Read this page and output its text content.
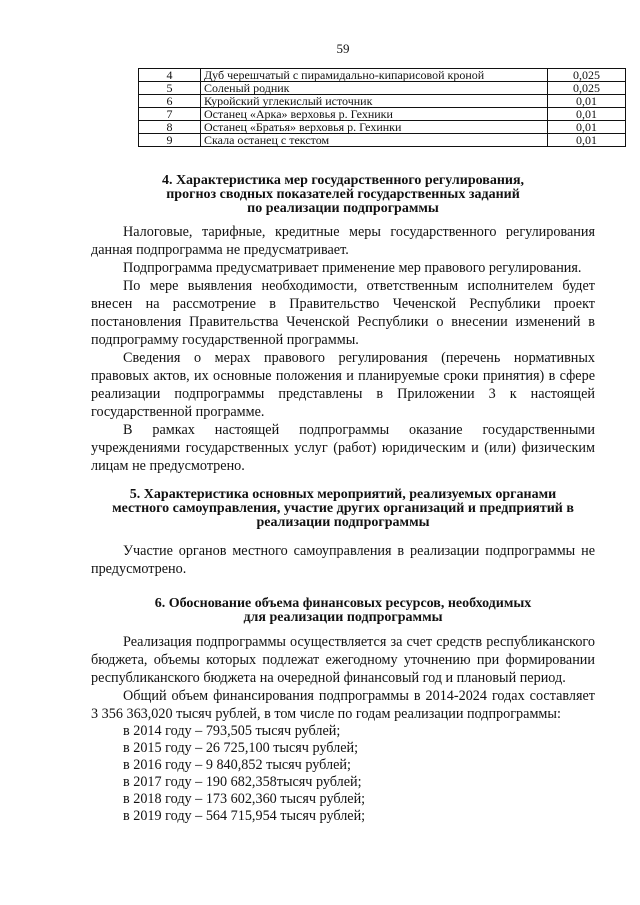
59
4	Дуб черешчатый с пирамидально-кипарисовой кроной	0,025
5	Соленый родник	0,025
6	Куройский углекислый источник	0,01
7	Останец «Арка» верховья р. Гехники	0,01
8	Останец «Братья» верховья р. Гехинки	0,01
9	Скала останец с текстом	0,01
4. Характеристика мер государственного регулирования,
прогноз сводных показателей государственных заданий
по реализации подпрограммы

Налоговые, тарифные, кредитные меры государственного регулирования данная подпрограмма не предусматривает.

Подпрограмма предусматривает применение мер правового регулирования.

По мере выявления необходимости, ответственным исполнителем будет внесен на рассмотрение в Правительство Чеченской Республики проект постановления Правительства Чеченской Республики о внесении изменений в подпрограмму государственной программы.

Сведения о мерах правового регулирования (перечень нормативных правовых актов, их основные положения и планируемые сроки принятия) в сфере реализации подпрограммы представлены в Приложении 3 к настоящей государственной программе.

В рамках настоящей подпрограммы оказание государственными учреждениями государственных услуг (работ) юридическим и (или) физическим лицам не предусмотрено.

5. Характеристика основных мероприятий, реализуемых органами
местного самоуправления, участие других организаций и предприятий в
реализации подпрограммы

Участие органов местного самоуправления в реализации подпрограммы не предусмотрено.

6. Обоснование объема финансовых ресурсов, необходимых
для реализации подпрограммы

Реализация подпрограммы осуществляется за счет средств республиканского бюджета, объемы которых подлежат ежегодному уточнению при формировании республиканского бюджета на очередной финансовый год и плановый период.

Общий объем финансирования подпрограммы в 2014-2024 годах составляет 3 356 363,020 тысяч рублей, в том числе по годам реализации подпрограммы:

в 2014 году – 793,505 тысяч рублей;
в 2015 году – 26 725,100 тысяч рублей;
в 2016 году – 9 840,852 тысяч рублей;
в 2017 году – 190 682,358тысяч рублей;
в 2018 году – 173 602,360 тысяч рублей;
в 2019 году – 564 715,954 тысяч рублей;
